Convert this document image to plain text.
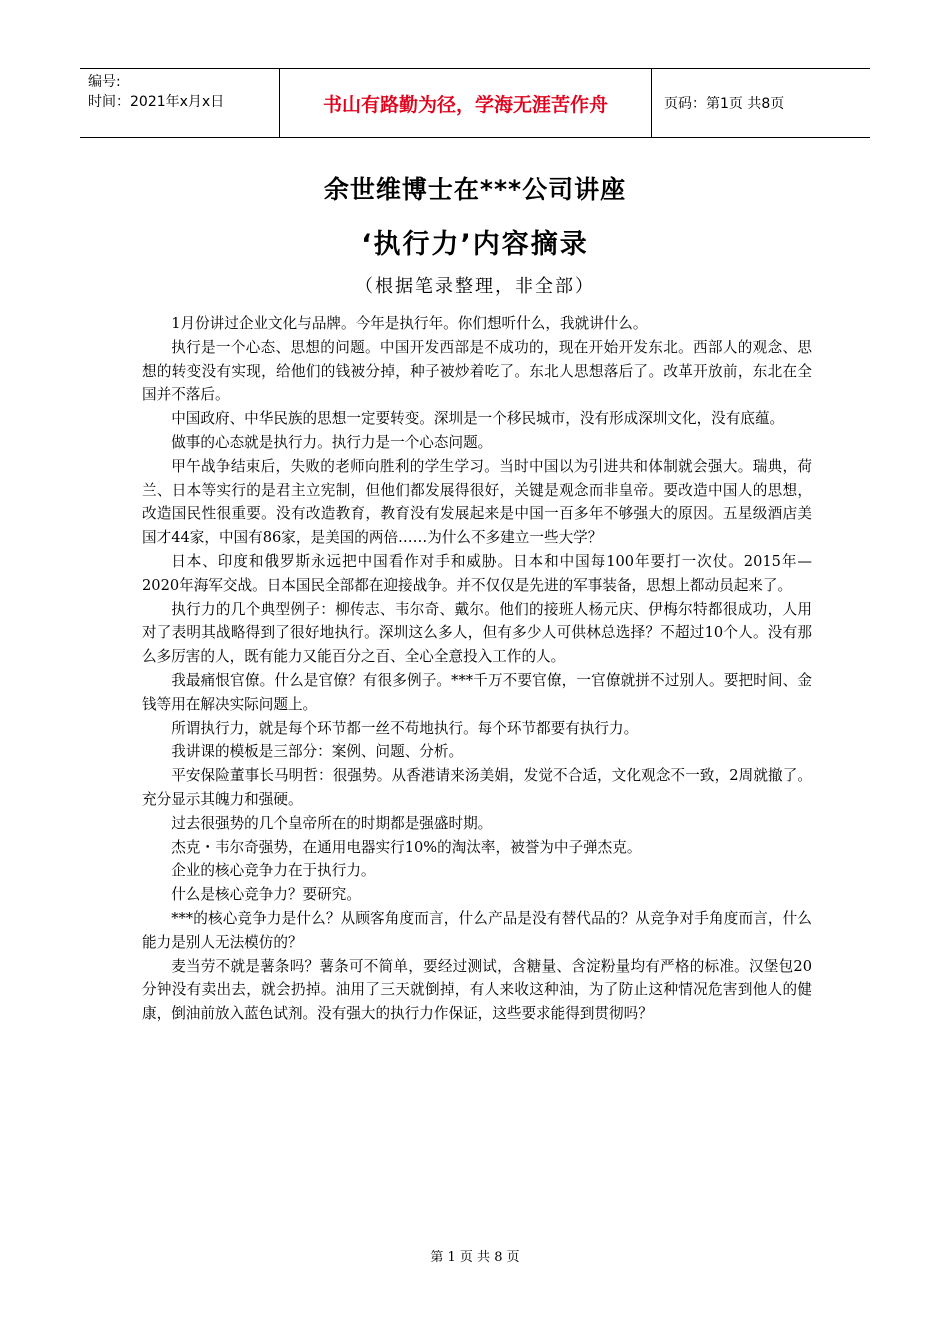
编号:
时间：2021年x月x日	书山有路勤为径，学海无涯苦作舟	页码：第1页 共8页
余世维博士在***公司讲座
‘执行力’内容摘录
（根据笔录整理，非全部）

1月份讲过企业文化与品牌。今年是执行年。你们想听什么，我就讲什么。

执行是一个心态、思想的问题。中国开发西部是不成功的，现在开始开发东北。西部人的观念、思想的转变没有实现，给他们的钱被分掉，种子被炒着吃了。东北人思想落后了。改革开放前，东北在全国并不落后。

中国政府、中华民族的思想一定要转变。深圳是一个移民城市，没有形成深圳文化，没有底蕴。

做事的心态就是执行力。执行力是一个心态问题。

甲午战争结束后，失败的老师向胜利的学生学习。当时中国以为引进共和体制就会强大。瑞典，荷兰、日本等实行的是君主立宪制，但他们都发展得很好，关键是观念而非皇帝。要改造中国人的思想，改造国民性很重要。没有改造教育，教育没有发展起来是中国一百多年不够强大的原因。五星级酒店美国才44家，中国有86家，是美国的两倍……为什么不多建立一些大学？

日本、印度和俄罗斯永远把中国看作对手和威胁。日本和中国每100年要打一次仗。2015年—2020年海军交战。日本国民全部都在迎接战争。并不仅仅是先进的军事装备，思想上都动员起来了。

执行力的几个典型例子：柳传志、韦尔奇、戴尔。他们的接班人杨元庆、伊梅尔特都很成功，人用对了表明其战略得到了很好地执行。深圳这么多人，但有多少人可供林总选择？不超过10个人。没有那么多厉害的人，既有能力又能百分之百、全心全意投入工作的人。

我最痛恨官僚。什么是官僚？有很多例子。***千万不要官僚，一官僚就拼不过别人。要把时间、金钱等用在解决实际问题上。

所谓执行力，就是每个环节都一丝不苟地执行。每个环节都要有执行力。

我讲课的模板是三部分：案例、问题、分析。

平安保险董事长马明哲：很强势。从香港请来汤美娟，发觉不合适，文化观念不一致，2周就撤了。充分显示其魄力和强硬。

过去很强势的几个皇帝所在的时期都是强盛时期。

杰克・韦尔奇强势，在通用电器实行10%的淘汰率，被誉为中子弹杰克。

企业的核心竞争力在于执行力。

什么是核心竞争力？要研究。

***的核心竞争力是什么？从顾客角度而言，什么产品是没有替代品的？从竞争对手角度而言，什么能力是别人无法模仿的？

麦当劳不就是薯条吗？薯条可不简单，要经过测试，含糖量、含淀粉量均有严格的标准。汉堡包20分钟没有卖出去，就会扔掉。油用了三天就倒掉，有人来收这种油，为了防止这种情况危害到他人的健康，倒油前放入蓝色试剂。没有强大的执行力作保证，这些要求能得到贯彻吗？

第 1 页 共 8 页
